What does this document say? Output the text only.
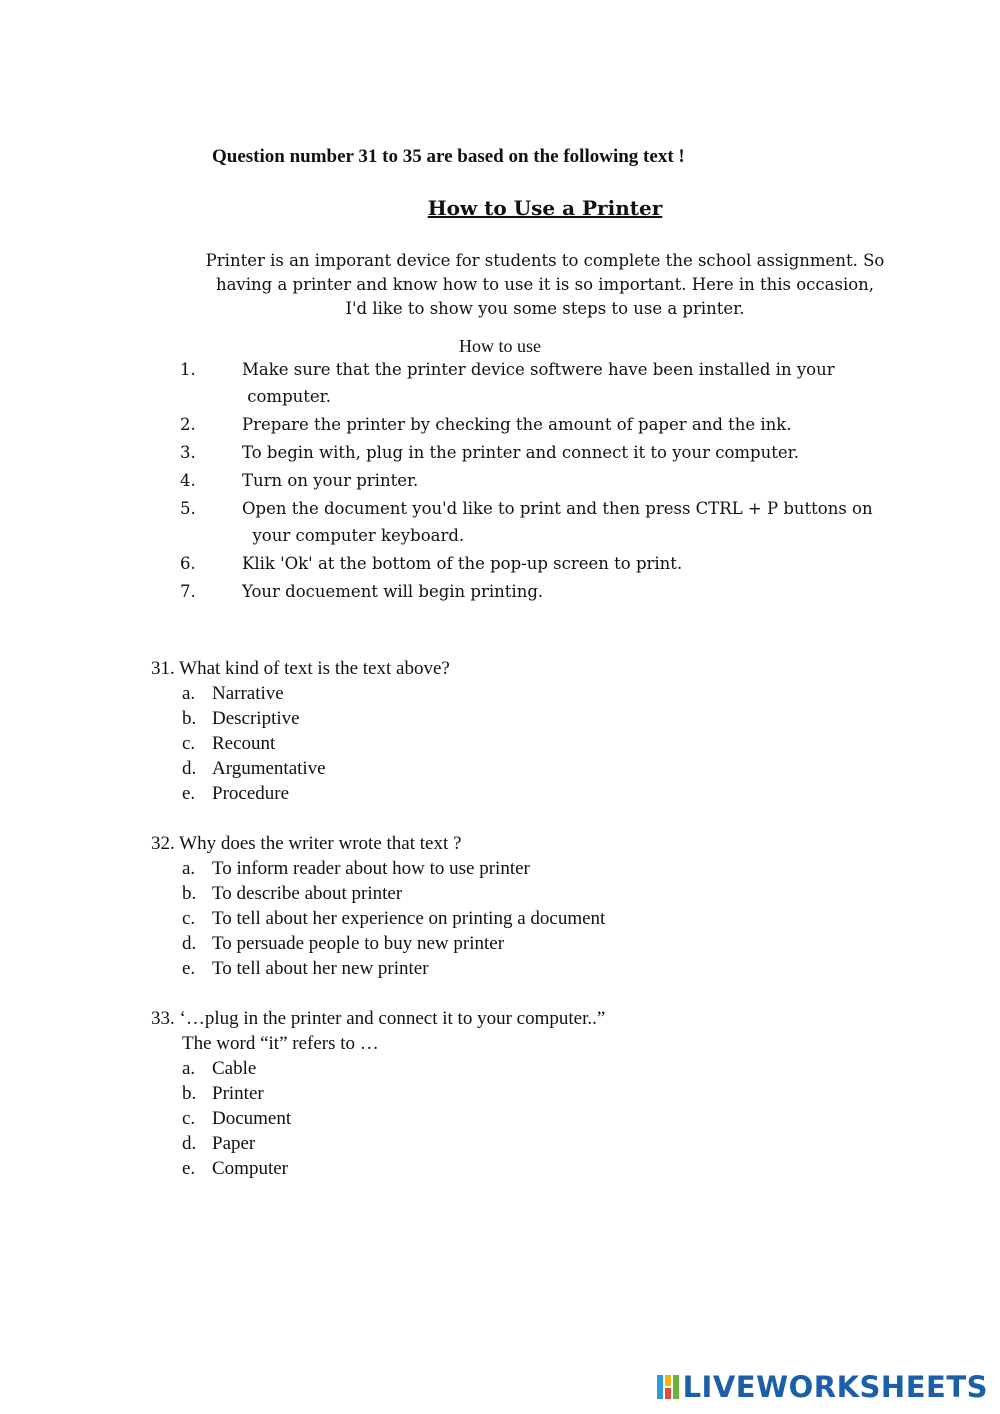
Question number 31 to 35 are based on the following text !
How to Use a Printer
Printer is an imporant device for students to complete the school assignment. So having a printer and know how to use it is so important. Here in this occasion, I'd like to show you some steps to use a printer.
How to use
1.	Make sure that the printer device softwere have been installed in your
computer.
2.	Prepare the printer by checking the amount of paper and the ink.
3.	To begin with, plug in the printer and connect it to your computer.
4.	Turn on your printer.
5.	Open the document you'd like to print and then press CTRL + P buttons on
your computer keyboard.
6.	Klik 'Ok' at the bottom of the pop-up screen to print.
7.	Your docuement will begin printing.
31. What kind of text is the text above?
a. Narrative
b. Descriptive
c. Recount
d. Argumentative
e. Procedure
32. Why does the writer wrote that text ?
a. To inform reader about how to use printer
b. To describe about printer
c. To tell about her experience on printing a document
d. To persuade people to buy new printer
e. To tell about her new printer
33. ‘…plug in the printer and connect it to your computer..”
The word “it” refers to …
a. Cable
b. Printer
c. Document
d. Paper
e. Computer
LIVEWORKSHEETS
